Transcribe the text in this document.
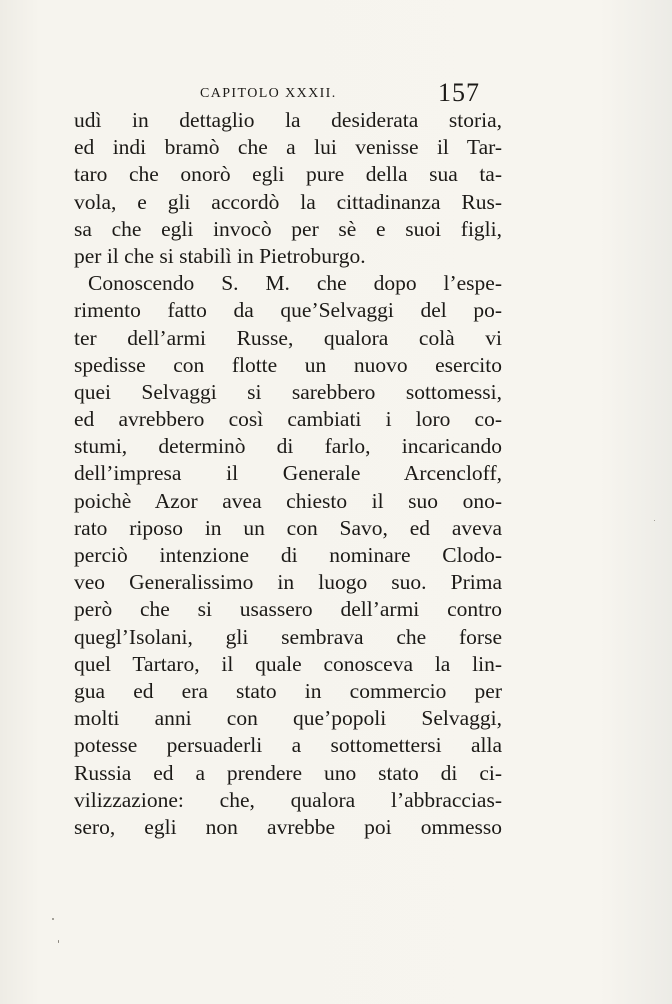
CAPITOLO XXXII.	157
udì in dettaglio la desiderata storia,
ed indi bramò che a lui venisse il Tar-
taro che onorò egli pure della sua ta-
vola, e gli accordò la cittadinanza Rus-
sa che egli invocò per sè e suoi figli,
per il che si stabilì in Pietroburgo.
Conoscendo S. M. che dopo l’espe-
rimento fatto da que’Selvaggi del po-
ter dell’armi Russe, qualora colà vi
spedisse con flotte un nuovo esercito
quei Selvaggi si sarebbero sottomessi,
ed avrebbero così cambiati i loro co-
stumi, determinò di farlo, incaricando
dell’impresa il Generale Arcencloff,
poichè Azor avea chiesto il suo ono-
rato riposo in un con Savo, ed aveva
perciò intenzione di nominare Clodo-
veo Generalissimo in luogo suo. Prima
però che si usassero dell’armi contro
quegl’Isolani, gli sembrava che forse
quel Tartaro, il quale conosceva la lin-
gua ed era stato in commercio per
molti anni con que’popoli Selvaggi,
potesse persuaderli a sottomettersi alla
Russia ed a prendere uno stato di ci-
vilizzazione: che, qualora l’abbraccias-
sero, egli non avrebbe poi ommesso
